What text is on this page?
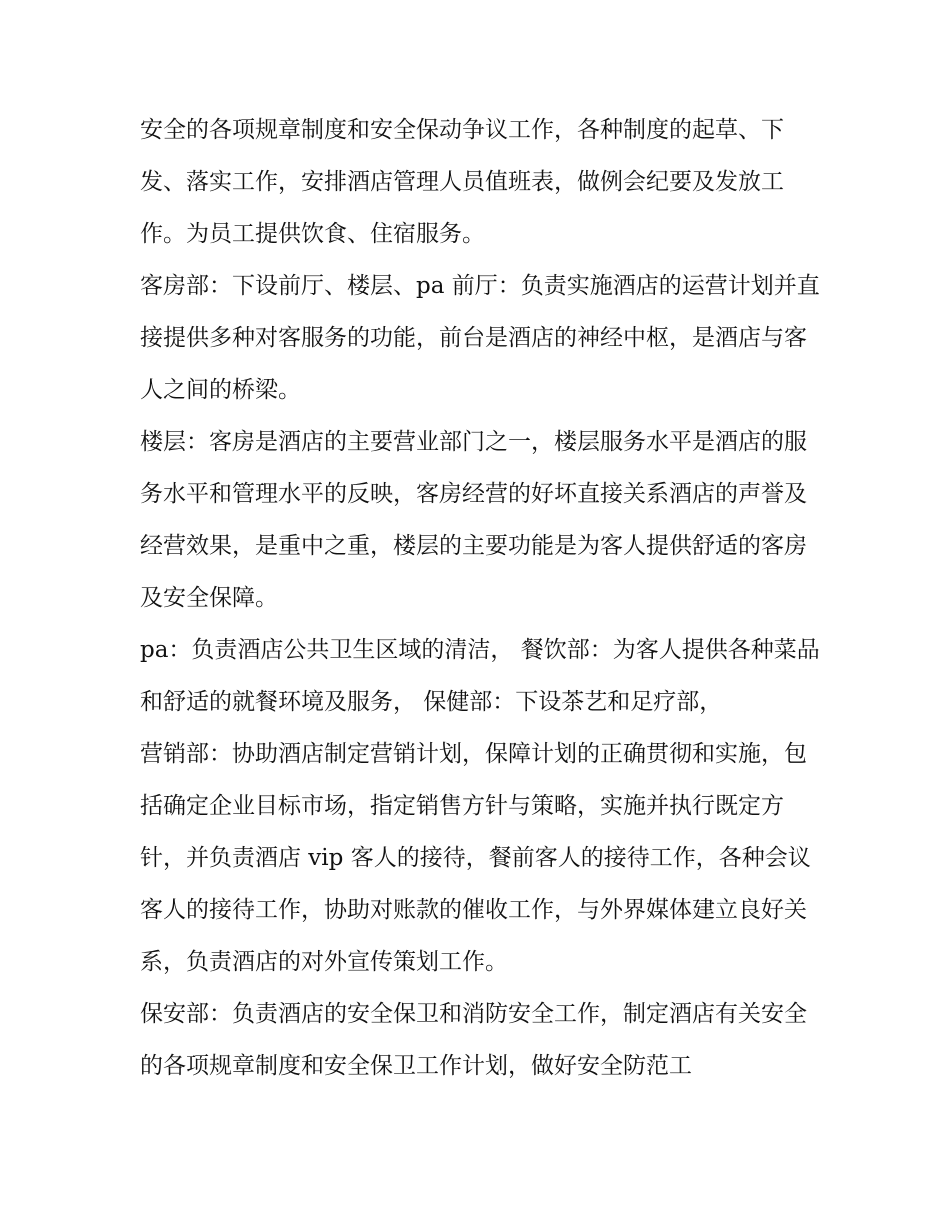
安全的各项规章制度和安全保动争议工作，各种制度的起草、下发、落实工作，安排酒店管理人员值班表，做例会纪要及发放工作。为员工提供饮食、住宿服务。

客房部：下设前厅、楼层、pa 前厅：负责实施酒店的运营计划并直接提供多种对客服务的功能，前台是酒店的神经中枢，是酒店与客人之间的桥梁。

楼层：客房是酒店的主要营业部门之一，楼层服务水平是酒店的服务水平和管理水平的反映，客房经营的好坏直接关系酒店的声誉及经营效果，是重中之重，楼层的主要功能是为客人提供舒适的客房及安全保障。

pa：负责酒店公共卫生区域的清洁， 餐饮部：为客人提供各种菜品和舒适的就餐环境及服务， 保健部：下设茶艺和足疗部，

营销部：协助酒店制定营销计划，保障计划的正确贯彻和实施，包括确定企业目标市场，指定销售方针与策略，实施并执行既定方针，并负责酒店 vip 客人的接待，餐前客人的接待工作，各种会议客人的接待工作，协助对账款的催收工作，与外界媒体建立良好关系，负责酒店的对外宣传策划工作。

保安部：负责酒店的安全保卫和消防安全工作，制定酒店有关安全的各项规章制度和安全保卫工作计划，做好安全防范工
